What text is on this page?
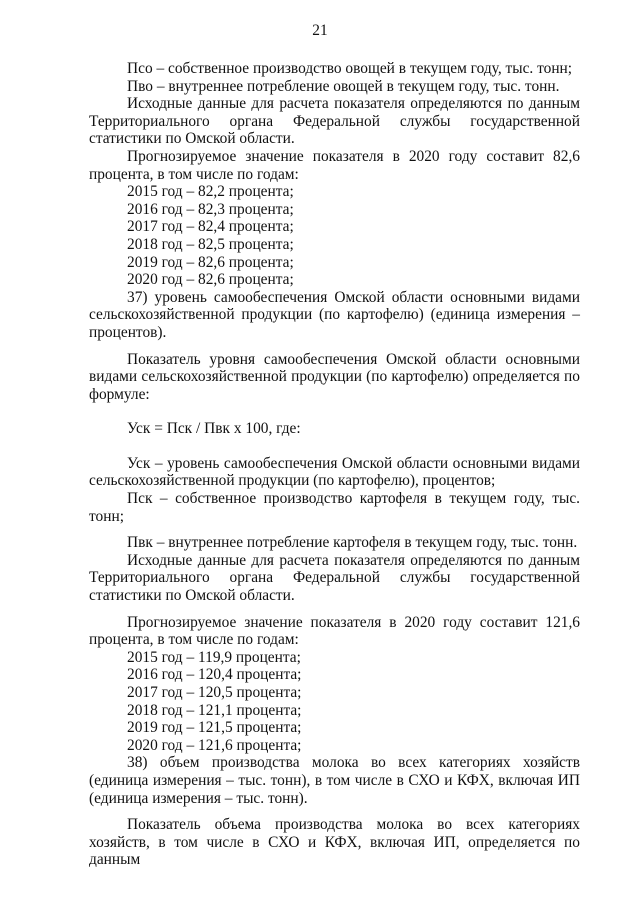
21

Псо – собственное производство овощей в текущем году, тыс. тонн;

Пво – внутреннее потребление овощей в текущем году, тыс. тонн.

Исходные данные для расчета показателя определяются по данным Территориального органа Федеральной службы государственной статистики по Омской области.

Прогнозируемое значение показателя в 2020 году составит 82,6 процента, в том числе по годам:

2015 год – 82,2 процента;

2016 год – 82,3 процента;

2017 год – 82,4 процента;

2018 год – 82,5 процента;

2019 год – 82,6 процента;

2020 год – 82,6 процента;

37) уровень самообеспечения Омской области основными видами сельскохозяйственной продукции (по картофелю) (единица измерения – процентов).

Показатель уровня самообеспечения Омской области основными видами сельскохозяйственной продукции (по картофелю) определяется по формуле:

Уск = Пск / Пвк х 100, где:

Уск – уровень самообеспечения Омской области основными видами сельскохозяйственной продукции (по картофелю), процентов;

Пск – собственное производство картофеля в текущем году, тыс. тонн;

Пвк – внутреннее потребление картофеля в текущем году, тыс. тонн.

Исходные данные для расчета показателя определяются по данным Территориального органа Федеральной службы государственной статистики по Омской области.

Прогнозируемое значение показателя в 2020 году составит 121,6 процента, в том числе по годам:

2015 год – 119,9 процента;

2016 год – 120,4 процента;

2017 год – 120,5 процента;

2018 год – 121,1 процента;

2019 год – 121,5 процента;

2020 год – 121,6 процента;

38) объем производства молока во всех категориях хозяйств (единица измерения – тыс. тонн), в том числе в СХО и КФХ, включая ИП (единица измерения – тыс. тонн).

Показатель объема производства молока во всех категориях хозяйств, в том числе в СХО и КФХ, включая ИП, определяется по данным
